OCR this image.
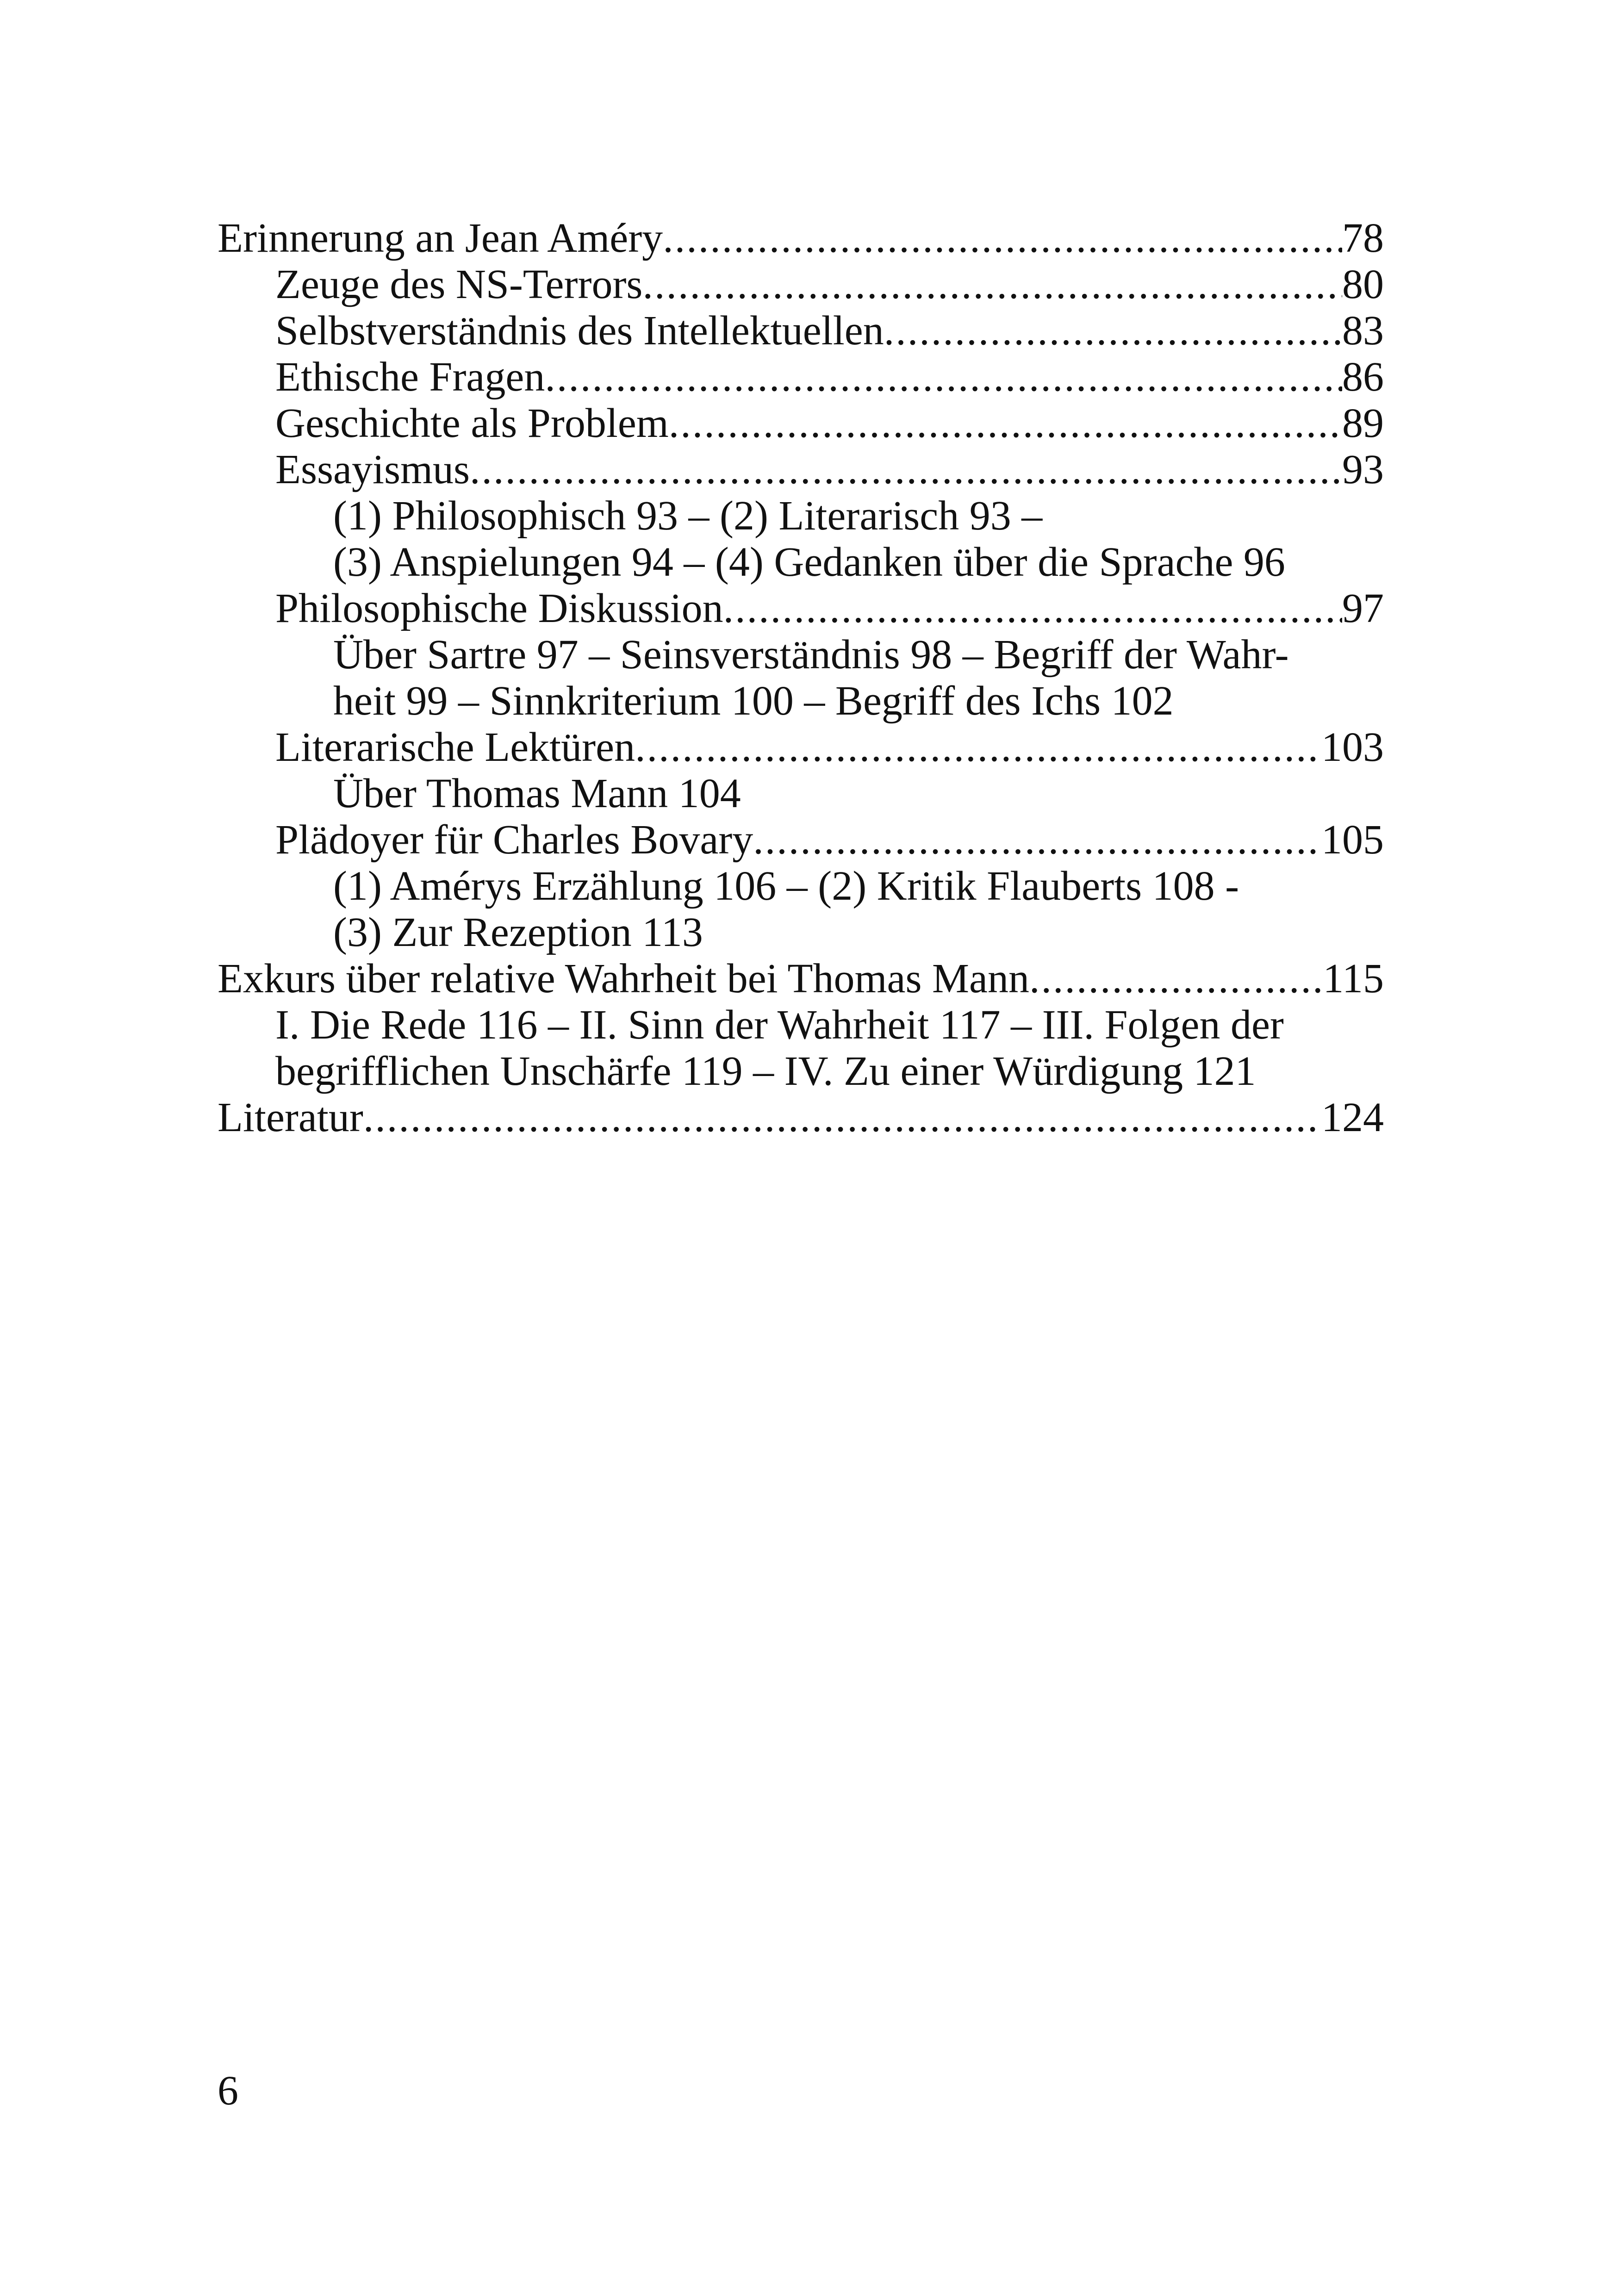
Erinnerung an Jean Améry .....	78
Zeuge des NS-Terrors .....	80
Selbstverständnis des Intellektuellen .....	83
Ethische Fragen .....	86
Geschichte als Problem .....	89
Essayismus .....	93
(1) Philosophisch 93 – (2) Literarisch 93 –
(3) Anspielungen 94 – (4) Gedanken über die Sprache 96
Philosophische Diskussion .....	97
Über Sartre 97 – Seinsverständnis 98 – Begriff der Wahr-
heit 99 – Sinnkriterium 100 – Begriff des Ichs 102
Literarische Lektüren .....	103
Über Thomas Mann 104
Plädoyer für Charles Bovary .....	105
(1) Amérys Erzählung 106 – (2) Kritik Flauberts 108 -
(3) Zur Rezeption 113
Exkurs über relative Wahrheit bei Thomas Mann .....	115
I. Die Rede 116 – II. Sinn der Wahrheit 117 – III. Folgen der
begrifflichen Unschärfe 119 – IV. Zu einer Würdigung 121
Literatur .....	124
6
